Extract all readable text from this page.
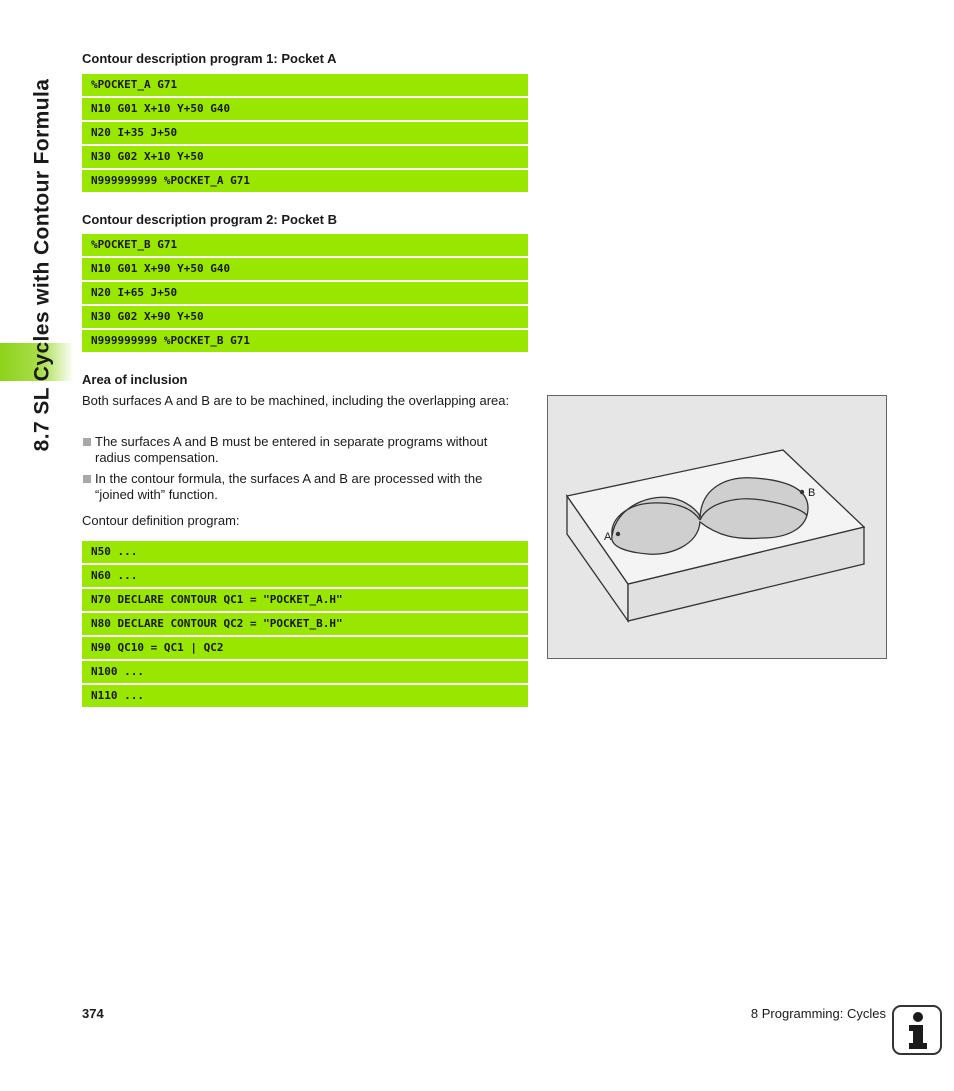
8.7 SL Cycles with Contour Formula
Contour description program 1: Pocket A
%POCKET_A G71
N10 G01 X+10 Y+50 G40
N20 I+35 J+50
N30 G02 X+10 Y+50
N999999999 %POCKET_A G71
Contour description program 2: Pocket B
%POCKET_B G71
N10 G01 X+90 Y+50 G40
N20 I+65 J+50
N30 G02 X+90 Y+50
N999999999 %POCKET_B G71
Area of inclusion
Both surfaces A and B are to be machined, including the overlapping area:
The surfaces A and B must be entered in separate programs without radius compensation.
In the contour formula, the surfaces A and B are processed with the “joined with” function.
Contour definition program:
N50 ...
N60 ...
N70 DECLARE CONTOUR QC1 = "POCKET_A.H"
N80 DECLARE CONTOUR QC2 = "POCKET_B.H"
N90 QC10 = QC1 | QC2
N100 ...
N110 ...
A
B
374	8 Programming: Cycles
